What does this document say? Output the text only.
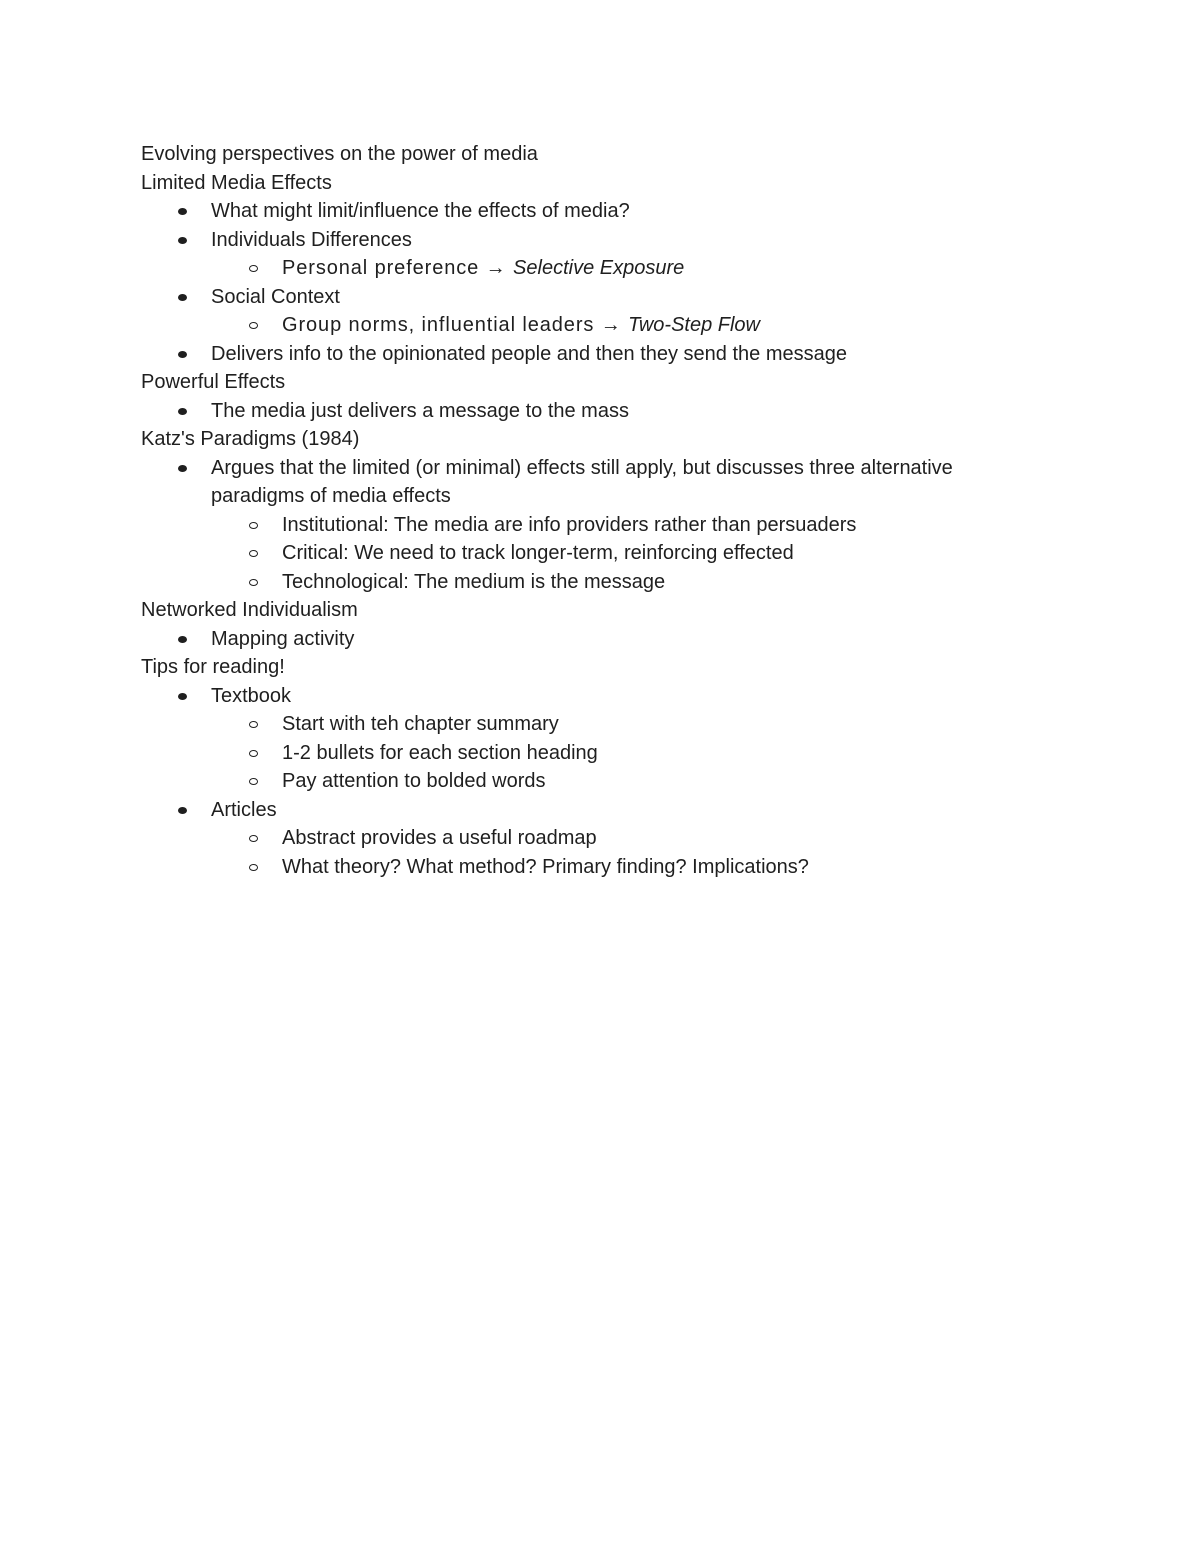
Evolving perspectives on the power of media
Limited Media Effects
What might limit/influence the effects of media?
Individuals Differences
Personal preference → Selective Exposure
Social Context
Group norms, influential leaders → Two-Step Flow
Delivers info to the opinionated people and then they send the message
Powerful Effects
The media just delivers a message to the mass
Katz's Paradigms (1984)
Argues that the limited (or minimal) effects still apply, but discusses three alternative paradigms of media effects
Institutional: The media are info providers rather than persuaders
Critical: We need to track longer-term, reinforcing effected
Technological: The medium is the message
Networked Individualism
Mapping activity
Tips for reading!
Textbook
Start with teh chapter summary
1-2 bullets for each section heading
Pay attention to bolded words
Articles
Abstract provides a useful roadmap
What theory? What method? Primary finding? Implications?
